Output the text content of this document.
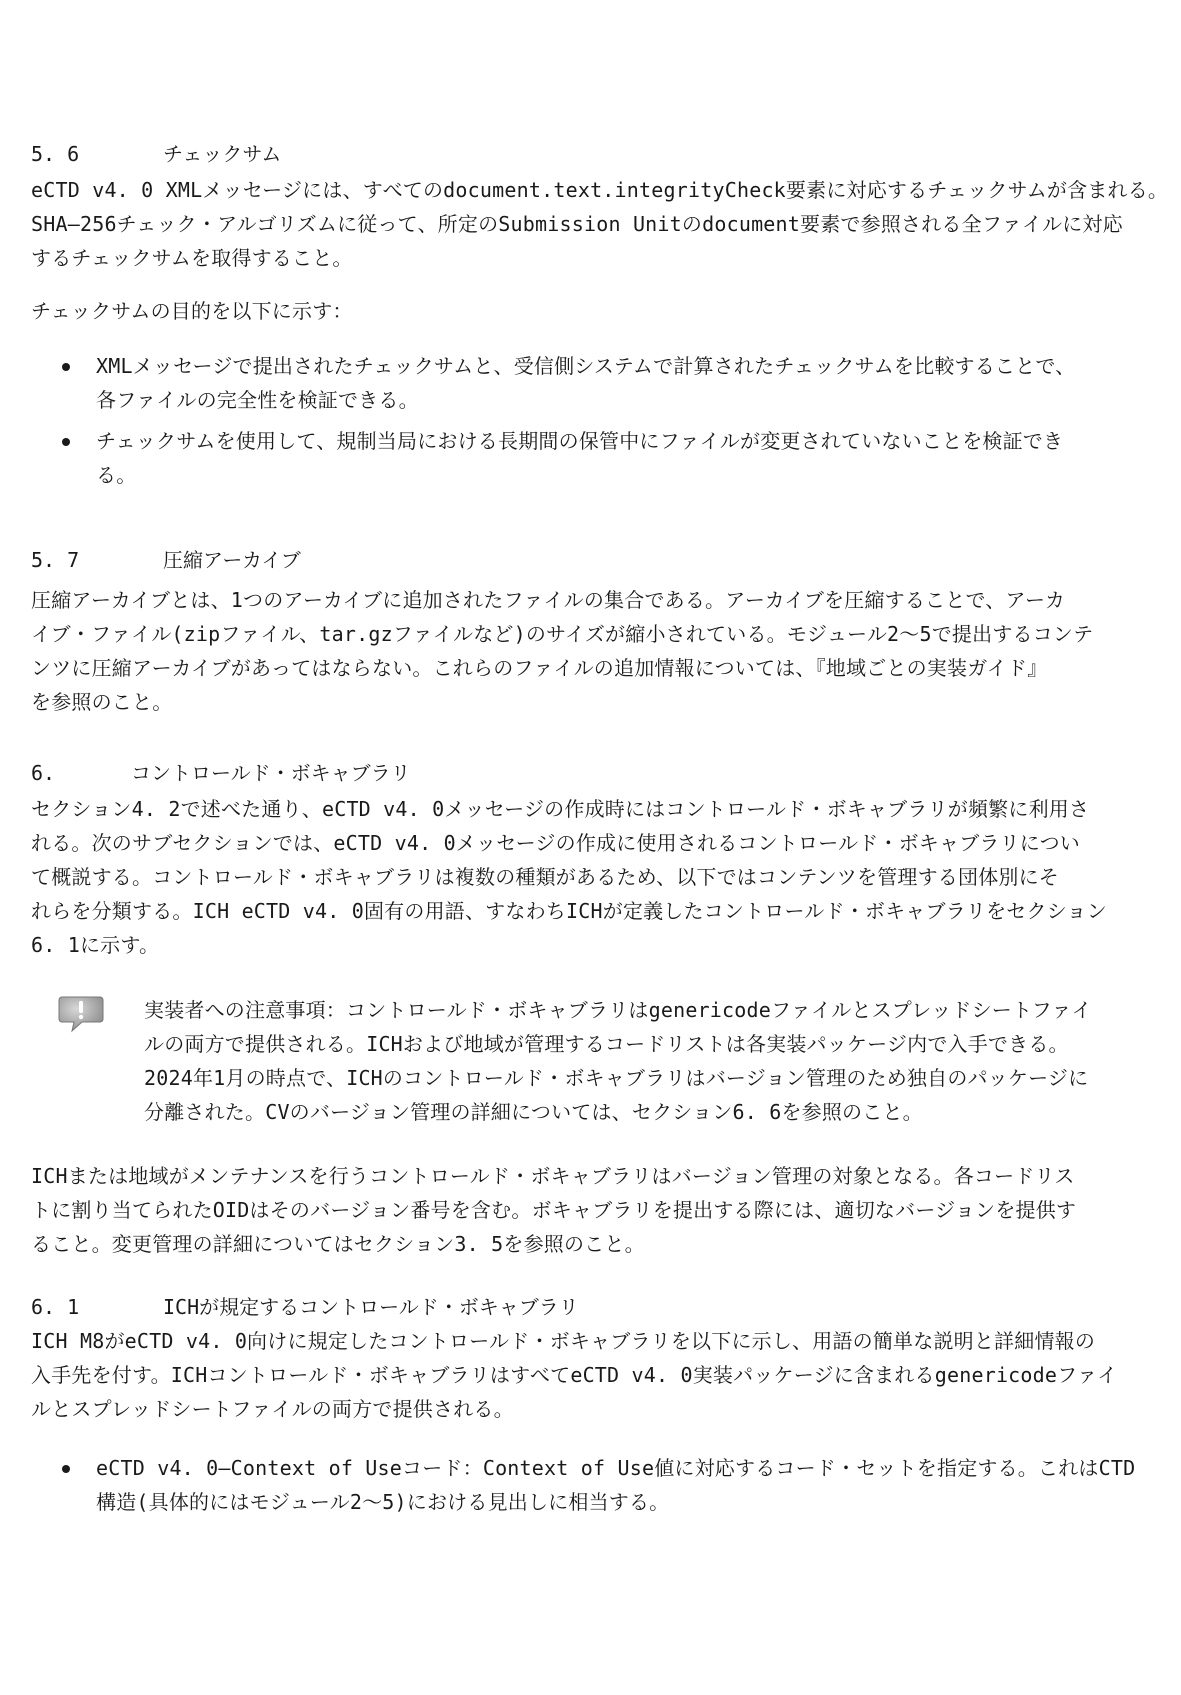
5. 6	チェックサム
eCTD v4. 0 XMLメッセージには、すべてのdocument.text.integrityCheck要素に対応するチェックサムが含まれる。
SHA―256チェック・アルゴリズムに従って、所定のSubmission Unitのdocument要素で参照される全ファイルに対応
するチェックサムを取得すること。
チェックサムの目的を以下に示す：
XMLメッセージで提出されたチェックサムと、受信側システムで計算されたチェックサムを比較することで、
各ファイルの完全性を検証できる。
チェックサムを使用して、規制当局における長期間の保管中にファイルが変更されていないことを検証でき
る。
5. 7	圧縮アーカイブ
圧縮アーカイブとは、1つのアーカイブに追加されたファイルの集合である。アーカイブを圧縮することで、アーカ
イブ・ファイル(zipファイル、tar.gzファイルなど)のサイズが縮小されている。モジュール2～5で提出するコンテ
ンツに圧縮アーカイブがあってはならない。これらのファイルの追加情報については、『地域ごとの実装ガイド』
を参照のこと。
6.	コントロールド・ボキャブラリ
セクション4. 2で述べた通り、eCTD v4. 0メッセージの作成時にはコントロールド・ボキャブラリが頻繁に利用さ
れる。次のサブセクションでは、eCTD v4. 0メッセージの作成に使用されるコントロールド・ボキャブラリについ
て概説する。コントロールド・ボキャブラリは複数の種類があるため、以下ではコンテンツを管理する団体別にそ
れらを分類する。ICH eCTD v4. 0固有の用語、すなわちICHが定義したコントロールド・ボキャブラリをセクション
6. 1に示す。
実装者への注意事項：コントロールド・ボキャブラリはgenericodeファイルとスプレッドシートファイ
ルの両方で提供される。ICHおよび地域が管理するコードリストは各実装パッケージ内で入手できる。
2024年1月の時点で、ICHのコントロールド・ボキャブラリはバージョン管理のため独自のパッケージに
分離された。CVのバージョン管理の詳細については、セクション6. 6を参照のこと。
ICHまたは地域がメンテナンスを行うコントロールド・ボキャブラリはバージョン管理の対象となる。各コードリス
トに割り当てられたOIDはそのバージョン番号を含む。ボキャブラリを提出する際には、適切なバージョンを提供す
ること。変更管理の詳細についてはセクション3. 5を参照のこと。
6. 1	ICHが規定するコントロールド・ボキャブラリ
ICH M8がeCTD v4. 0向けに規定したコントロールド・ボキャブラリを以下に示し、用語の簡単な説明と詳細情報の
入手先を付す。ICHコントロールド・ボキャブラリはすべてeCTD v4. 0実装パッケージに含まれるgenericodeファイ
ルとスプレッドシートファイルの両方で提供される。
eCTD v4. 0―Context of Useコード：Context of Use値に対応するコード・セットを指定する。これはCTD
構造(具体的にはモジュール2～5)における見出しに相当する。
